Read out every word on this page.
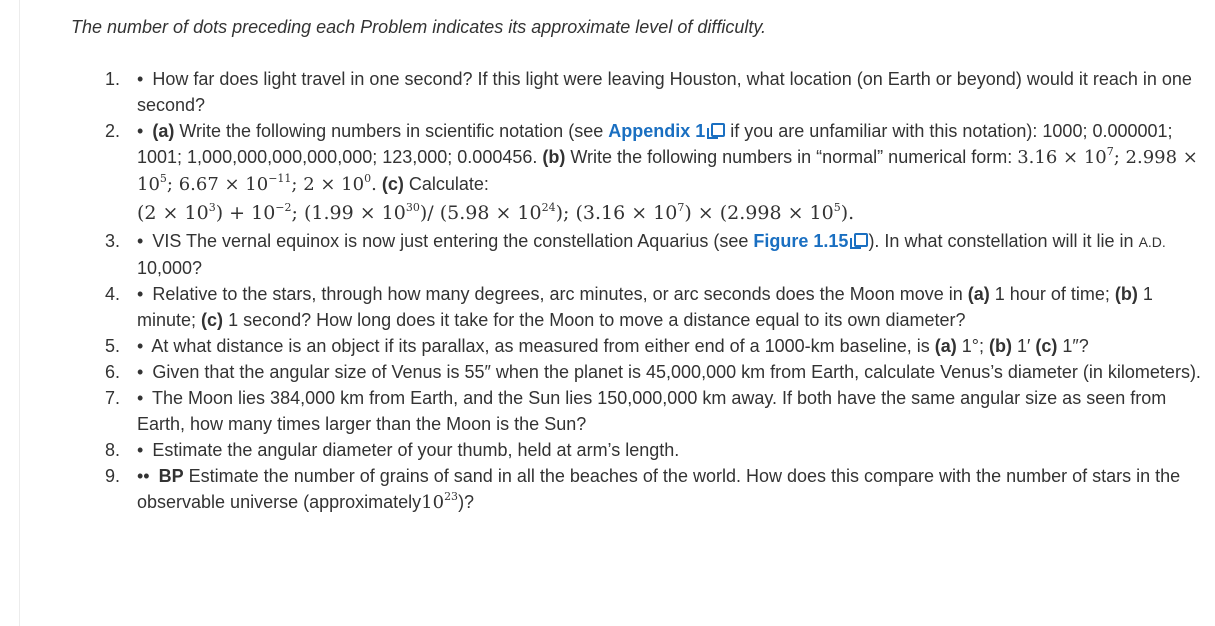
The number of dots preceding each Problem indicates its approximate level of difficulty.
1. • How far does light travel in one second? If this light were leaving Houston, what location (on Earth or beyond) would it reach in one second?
2. • (a) Write the following numbers in scientific notation (see Appendix 1 if you are unfamiliar with this notation): 1000; 0.000001; 1001; 1,000,000,000,000,000; 123,000; 0.000456. (b) Write the following numbers in “normal” numerical form: $3.16 \times 10^7$; $2.998 \times 10^5$; $6.67 \times 10^{-11}$; $2 \times 10^0$. (c) Calculate:
$(2 \times 10^3) + 10^{-2}$; $(1.99 \times 10^{30})/$ $(5.98 \times 10^{24})$; $(3.16 \times 10^7) \times (2.998 \times 10^5)$.
3. • VIS The vernal equinox is now just entering the constellation Aquarius (see Figure 1.15 ). In what constellation will it lie in A.D. 10,000?
4. • Relative to the stars, through how many degrees, arc minutes, or arc seconds does the Moon move in (a) 1 hour of time; (b) 1 minute; (c) 1 second? How long does it take for the Moon to move a distance equal to its own diameter?
5. • At what distance is an object if its parallax, as measured from either end of a 1000-km baseline, is (a) 1°; (b) 1′ (c) 1″?
6. • Given that the angular size of Venus is 55″ when the planet is 45,000,000 km from Earth, calculate Venus’s diameter (in kilometers).
7. • The Moon lies 384,000 km from Earth, and the Sun lies 150,000,000 km away. If both have the same angular size as seen from Earth, how many times larger than the Moon is the Sun?
8. • Estimate the angular diameter of your thumb, held at arm’s length.
9. •• BP Estimate the number of grains of sand in all the beaches of the world. How does this compare with the number of stars in the observable universe $(approximately10^{23})$?
